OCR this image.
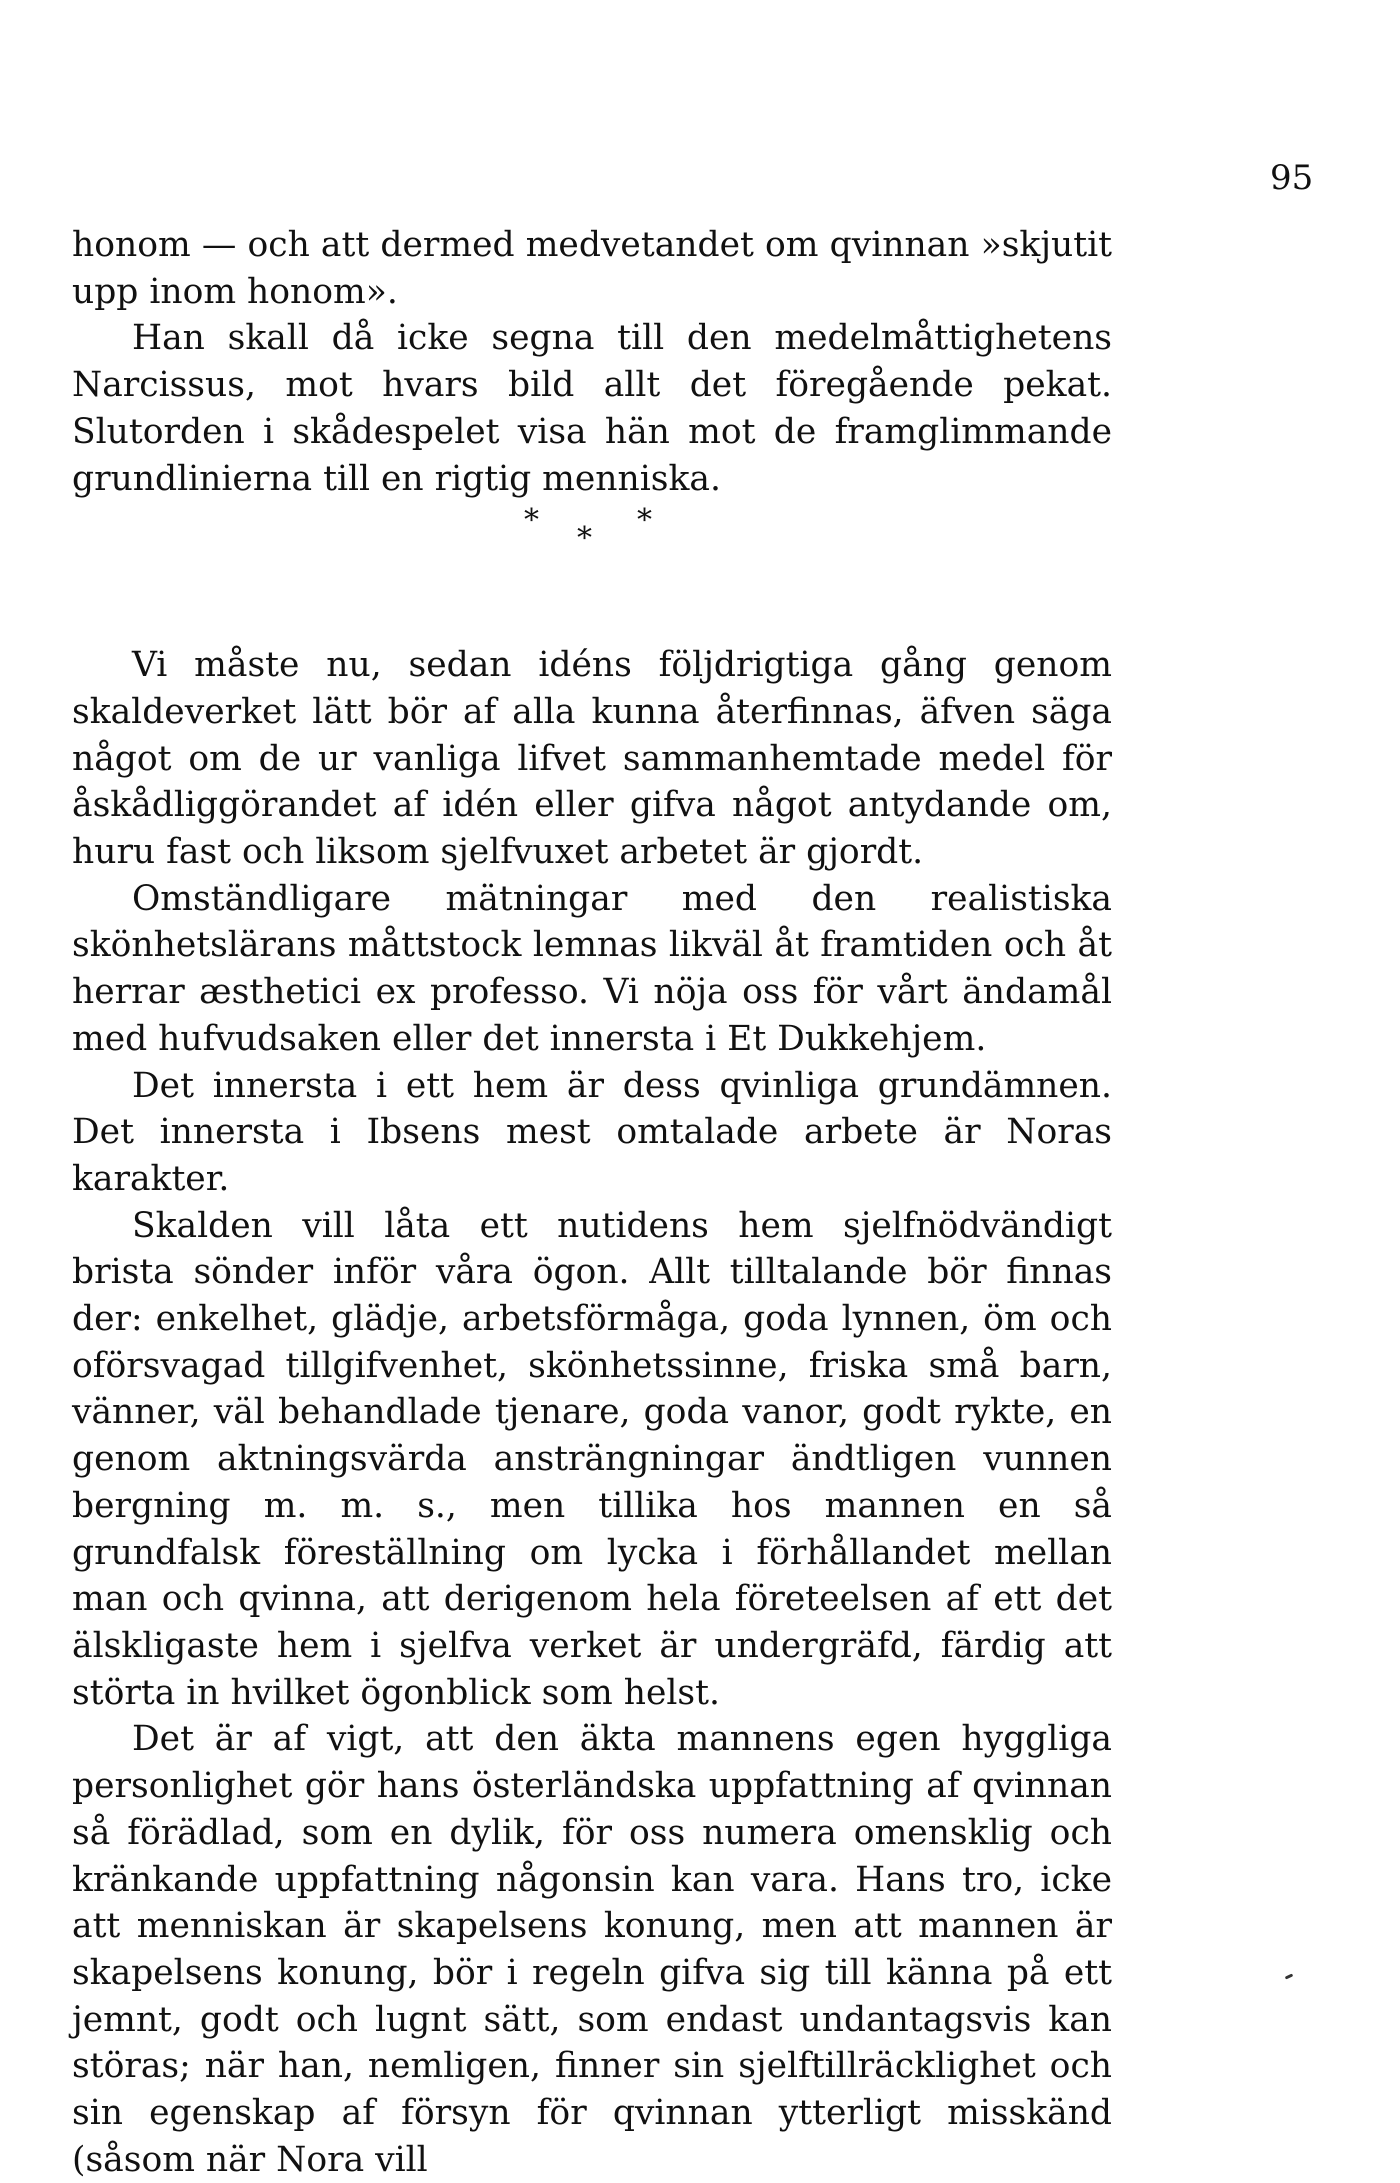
95

honom — och att dermed medvetandet om qvinnan »skjutit upp inom honom».

Han skall då icke segna till den medelmåttighetens Narcissus, mot hvars bild allt det föregående pekat. Slutorden i skådespelet visa hän mot de framglimmande grundlinierna till en rigtig menniska.

*
*
*

Vi måste nu, sedan idéns följdrigtiga gång genom skaldeverket lätt bör af alla kunna återfinnas, äfven säga något om de ur vanliga lifvet sammanhemtade medel för åskådliggörandet af idén eller gifva något antydande om, huru fast och liksom sjelfvuxet arbetet är gjordt.

Omständligare mätningar med den realistiska skönhetslärans måttstock lemnas likväl åt framtiden och åt herrar æsthetici ex professo. Vi nöja oss för vårt ändamål med hufvudsaken eller det innersta i Et Dukkehjem.

Det innersta i ett hem är dess qvinliga grundämnen. Det innersta i Ibsens mest omtalade arbete är Noras karakter.

Skalden vill låta ett nutidens hem sjelfnödvändigt brista sönder inför våra ögon. Allt tilltalande bör finnas der: enkelhet, glädje, arbetsförmåga, goda lynnen, öm och oförsvagad tillgifvenhet, skönhetssinne, friska små barn, vänner, väl behandlade tjenare, goda vanor, godt rykte, en genom aktningsvärda ansträngningar ändtligen vunnen bergning m. m. s., men tillika hos mannen en så grundfalsk föreställning om lycka i förhållandet mellan man och qvinna, att derigenom hela företeelsen af ett det älskligaste hem i sjelfva verket är undergräfd, färdig att störta in hvilket ögonblick som helst.

Det är af vigt, att den äkta mannens egen hyggliga personlighet gör hans österländska uppfattning af qvinnan så förädlad, som en dylik, för oss numera omensklig och kränkande uppfattning någonsin kan vara. Hans tro, icke att menniskan är skapelsens konung, men att mannen är skapelsens konung, bör i regeln gifva sig till känna på ett jemnt, godt och lugnt sätt, som endast undantagsvis kan störas; när han, nemligen, finner sin sjelftillräcklighet och sin egenskap af försyn för qvinnan ytterligt misskänd (såsom när Nora vill
